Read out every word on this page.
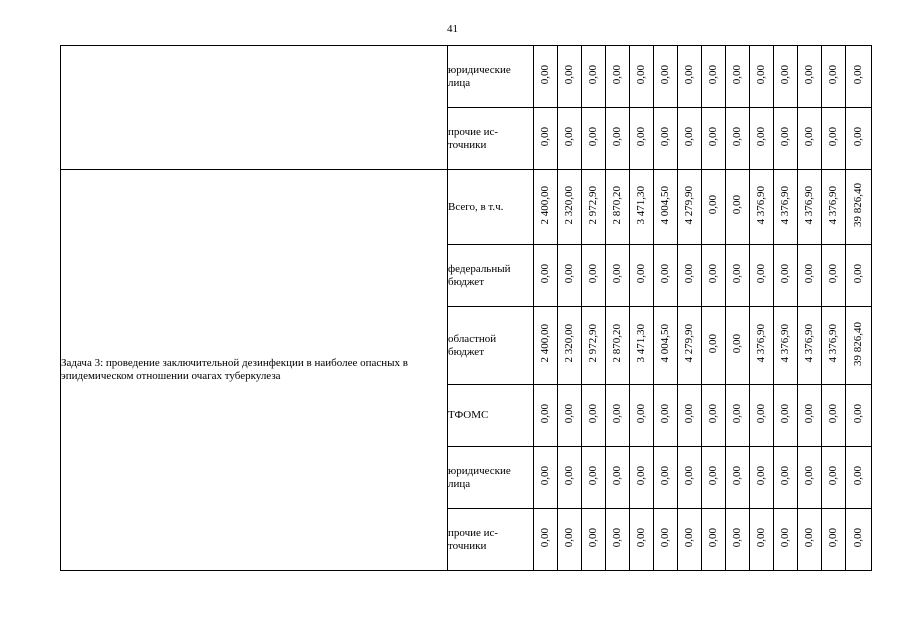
41
	юридические лица	0,00	0,00	0,00	0,00	0,00	0,00	0,00	0,00	0,00	0,00	0,00	0,00	0,00	0,00
	прочие ис-точники	0,00	0,00	0,00	0,00	0,00	0,00	0,00	0,00	0,00	0,00	0,00	0,00	0,00	0,00
Задача 3: проведение заключительной дезинфекции в наиболее опасных в эпидемическом отношении очагах туберкулеза	Всего, в т.ч.	2 400,00	2 320,00	2 972,90	2 870,20	3 471,30	4 004,50	4 279,90	0,00	0,00	4 376,90	4 376,90	4 376,90	4 376,90	39 826,40
	федеральный бюджет	0,00	0,00	0,00	0,00	0,00	0,00	0,00	0,00	0,00	0,00	0,00	0,00	0,00	0,00
	областной бюджет	2 400,00	2 320,00	2 972,90	2 870,20	3 471,30	4 004,50	4 279,90	0,00	0,00	4 376,90	4 376,90	4 376,90	4 376,90	39 826,40
	ТФОМС	0,00	0,00	0,00	0,00	0,00	0,00	0,00	0,00	0,00	0,00	0,00	0,00	0,00	0,00
	юридические лица	0,00	0,00	0,00	0,00	0,00	0,00	0,00	0,00	0,00	0,00	0,00	0,00	0,00	0,00
	прочие ис-точники	0,00	0,00	0,00	0,00	0,00	0,00	0,00	0,00	0,00	0,00	0,00	0,00	0,00	0,00
